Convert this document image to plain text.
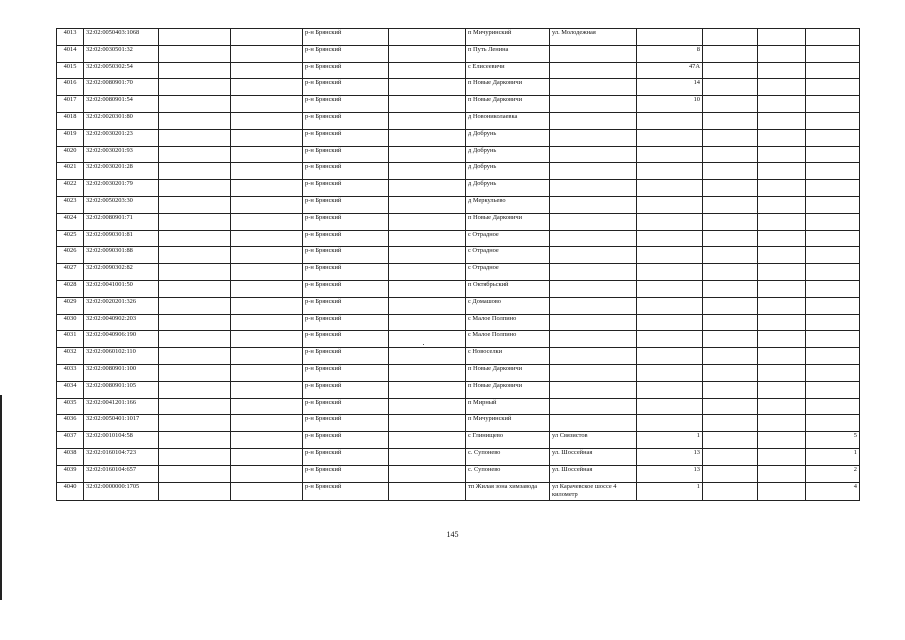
4013	32:02:0050403:1068			р-н Брянский		п Мичуринский	ул. Молодежная				
4014	32:02:0030501:32			р-н Брянский		п Путь Ленина		8			
4015	32:02:0050302:54			р-н Брянский		с Елисеевичи		47А			
4016	32:02:0080901:70			р-н Брянский		п Новые Дарковичи		14			
4017	32:02:0080901:54			р-н Брянский		п Новые Дарковичи		10			
4018	32:02:0020301:80			р-н Брянский		д Новониколаевка					
4019	32:02:0030201:23			р-н Брянский		д Добрунь					
4020	32:02:0030201:93			р-н Брянский		д Добрунь					
4021	32:02:0030201:28			р-н Брянский		д Добрунь					
4022	32:02:0030201:79			р-н Брянский		д Добрунь					
4023	32:02:0050203:30			р-н Брянский		д Меркульево					
4024	32:02:0080901:71			р-н Брянский		п Новые Дарковичи					
4025	32:02:0090301:81			р-н Брянский		с Отрадное					
4026	32:02:0090301:88			р-н Брянский		с Отрадное					
4027	32:02:0090302:82			р-н Брянский		с Отрадное					
4028	32:02:0041001:50			р-н Брянский		п Октябрьский					
4029	32:02:0020201:326			р-н Брянский		с Домашово					
4030	32:02:0040902:203			р-н Брянский		с Малое Полпино					
4031	32:02:0040906:190			р-н Брянский		с Малое Полпино					
4032	32:02:0060102:110			р-н Брянский		с Новоселки					
4033	32:02:0080901:100			р-н Брянский		п Новые Дарковичи					
4034	32:02:0080901:105			р-н Брянский		п Новые Дарковичи					
4035	32:02:0041201:166			р-н Брянский		п Мирный					
4036	32:02:0050401:1017			р-н Брянский		п Мичуринский					
4037	32:02:0010104:58			р-н Брянский		с Глинищево	ул Связистов	1			5
4038	32:02:0160104:723			р-н Брянский		с. Супонево	ул. Шоссейная	13			1
4039	32:02:0160104:657			р-н Брянский		с. Супонево	ул. Шоссейная	13			2
4040	32:02:0000000:1705			р-н Брянский		тп Жилая зона химзавода	ул Карачевское шоссе 4 километр	1			4
145
